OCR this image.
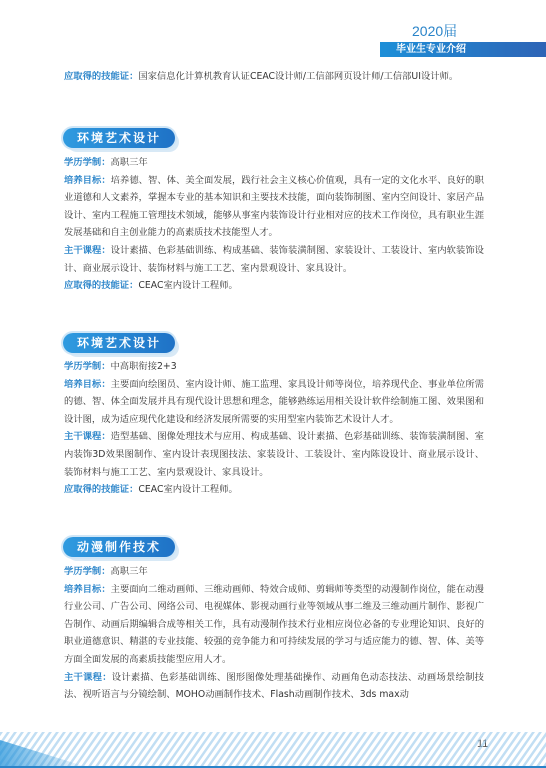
2020届
毕业生专业介绍

应取得的技能证：国家信息化计算机教育认证CEAC设计师/工信部网页设计师/工信部UI设计师。

环境艺术设计

学历学制：高职三年

培养目标：培养德、智、体、美全面发展，践行社会主义核心价值观，具有一定的文化水平、良好的职业道德和人文素养，掌握本专业的基本知识和主要技术技能，面向装饰制图、室内空间设计、家居产品设计、室内工程施工管理技术领域，能够从事室内装饰设计行业相对应的技术工作岗位，具有职业生涯发展基础和自主创业能力的高素质技术技能型人才。

主干课程：设计素描、色彩基础训练、构成基础、装饰装潢制图、家装设计、工装设计、室内软装饰设计、商业展示设计、装饰材料与施工工艺、室内景观设计、家具设计。

应取得的技能证：CEAC室内设计工程师。

环境艺术设计

学历学制：中高职衔接2+3

培养目标：主要面向绘图员、室内设计师、施工监理、家具设计师等岗位，培养现代企、事业单位所需的德、智、体全面发展并具有现代设计思想和理念，能够熟练运用相关设计软件绘制施工图、效果图和设计图，成为适应现代化建设和经济发展所需要的实用型室内装饰艺术设计人才。

主干课程：造型基础、图像处理技术与应用、构成基础、设计素描、色彩基础训练、装饰装潢制图、室内装饰3D效果图制作、室内设计表现图技法、家装设计、工装设计、室内陈设设计、商业展示设计、装饰材料与施工工艺、室内景观设计、家具设计。

应取得的技能证：CEAC室内设计工程师。

动漫制作技术

学历学制：高职三年

培养目标：主要面向二维动画师、三维动画师、特效合成师、剪辑师等类型的动漫制作岗位，能在动漫行业公司、广告公司、网络公司、电视媒体、影视动画行业等领域从事二维及三维动画片制作、影视广告制作、动画后期编辑合成等相关工作，具有动漫制作技术行业相应岗位必备的专业理论知识、良好的职业道德意识、精湛的专业技能、较强的竞争能力和可持续发展的学习与适应能力的德、智、体、美等方面全面发展的高素质技能型应用人才。

主干课程：设计素描、色彩基础训练、图形图像处理基础操作、动画角色动态技法、动画场景绘制技法、视听语言与分镜绘制、MOHO动画制作技术、Flash动画制作技术、3ds max动
